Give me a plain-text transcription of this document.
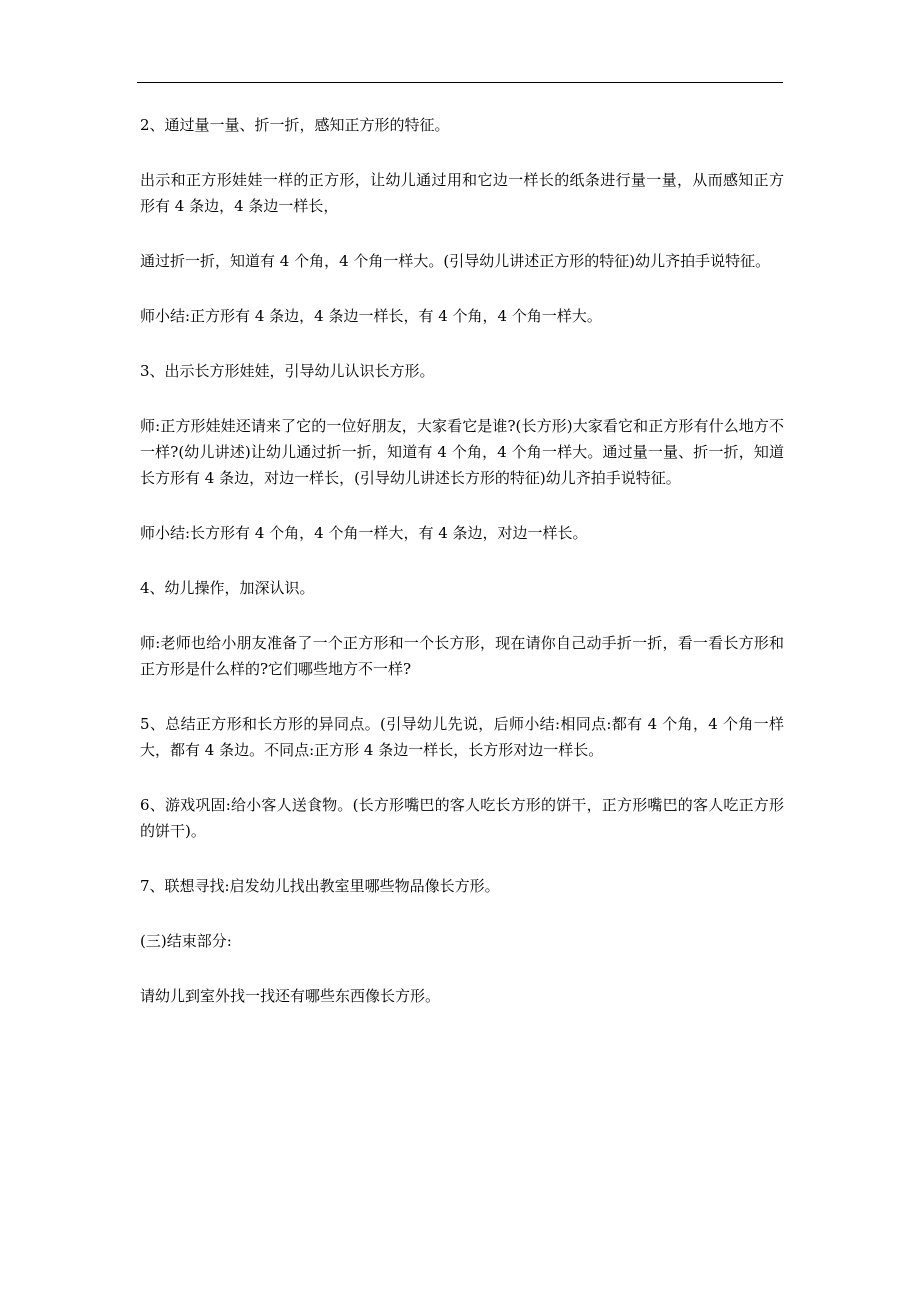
2、通过量一量、折一折，感知正方形的特征。

出示和正方形娃娃一样的正方形，让幼儿通过用和它边一样长的纸条进行量一量，从而感知正方形有 4 条边，4 条边一样长，

通过折一折，知道有 4 个角，4 个角一样大。(引导幼儿讲述正方形的特征)幼儿齐拍手说特征。

师小结:正方形有 4 条边，4 条边一样长，有 4 个角，4 个角一样大。

3、出示长方形娃娃，引导幼儿认识长方形。

师:正方形娃娃还请来了它的一位好朋友，大家看它是谁?(长方形)大家看它和正方形有什么地方不一样?(幼儿讲述)让幼儿通过折一折，知道有 4 个角，4 个角一样大。通过量一量、折一折，知道长方形有 4 条边，对边一样长，(引导幼儿讲述长方形的特征)幼儿齐拍手说特征。

师小结:长方形有 4 个角，4 个角一样大，有 4 条边，对边一样长。

4、幼儿操作，加深认识。

师:老师也给小朋友准备了一个正方形和一个长方形，现在请你自己动手折一折，看一看长方形和正方形是什么样的?它们哪些地方不一样?

5、总结正方形和长方形的异同点。(引导幼儿先说，后师小结:相同点:都有 4 个角，4 个角一样大，都有 4 条边。不同点:正方形 4 条边一样长，长方形对边一样长。

6、游戏巩固:给小客人送食物。(长方形嘴巴的客人吃长方形的饼干，正方形嘴巴的客人吃正方形的饼干)。

7、联想寻找:启发幼儿找出教室里哪些物品像长方形。

(三)结束部分:

请幼儿到室外找一找还有哪些东西像长方形。
